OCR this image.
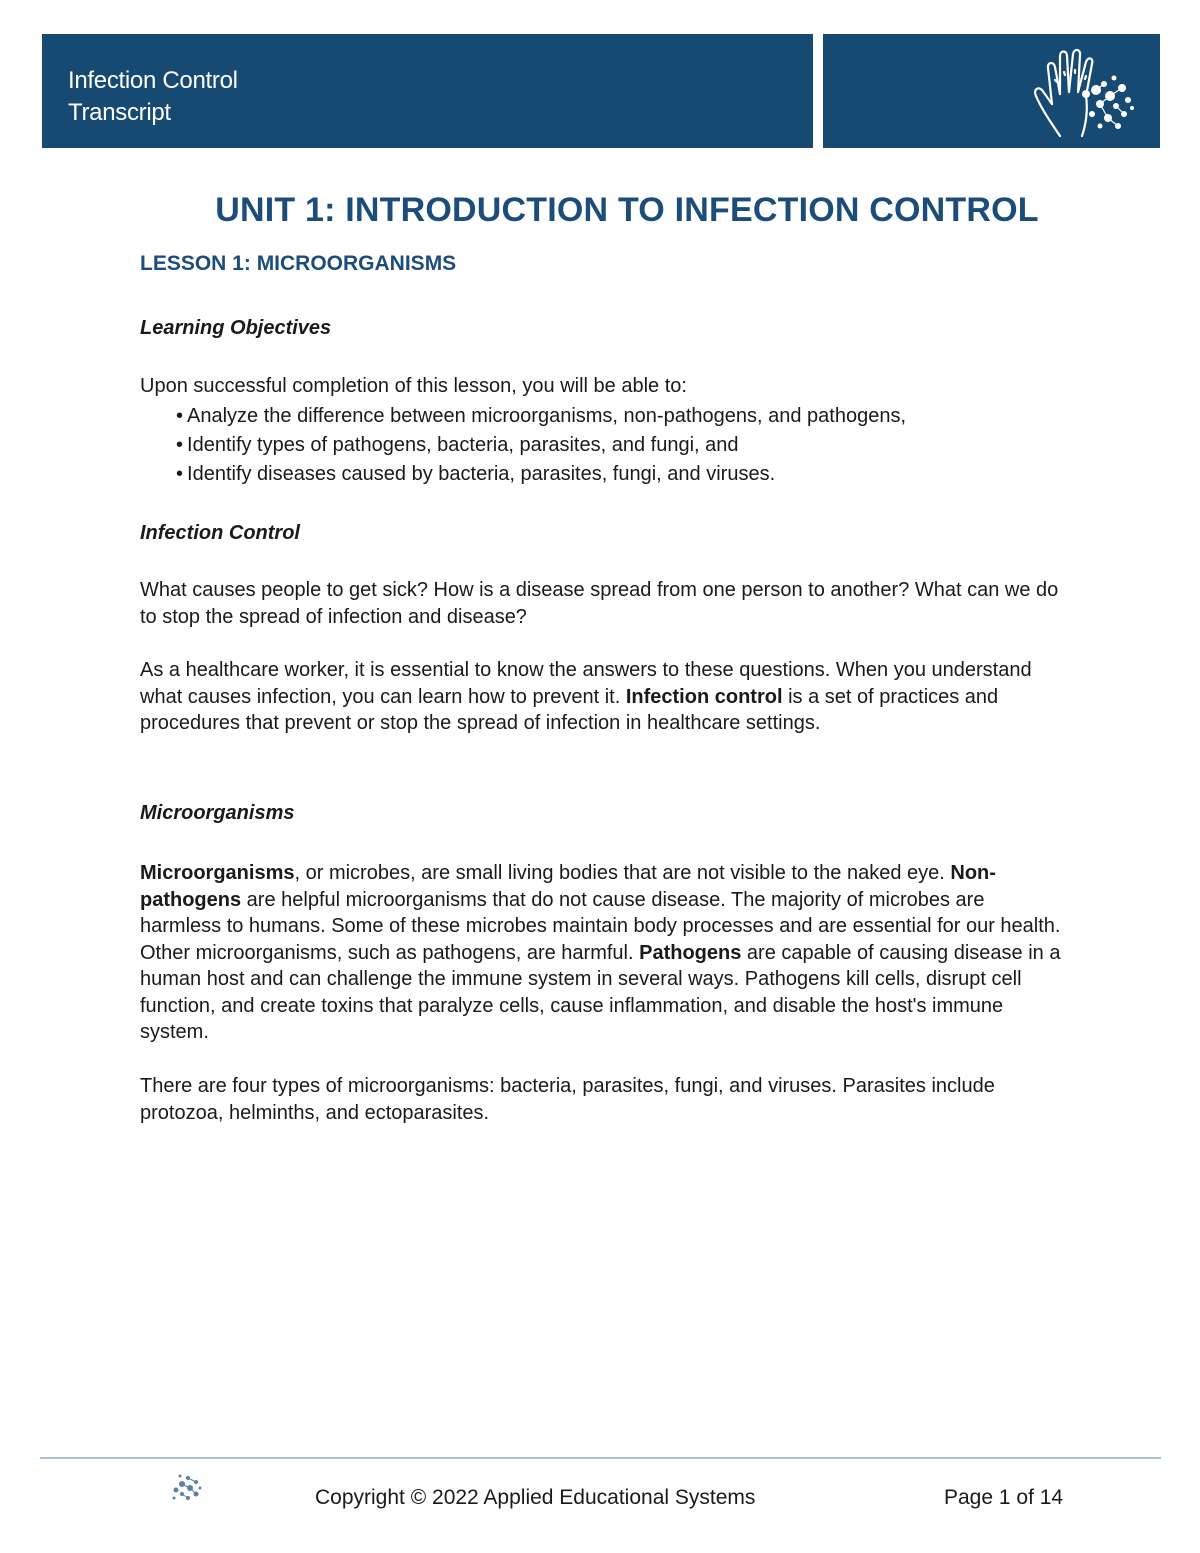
Infection Control
Transcript
UNIT 1: INTRODUCTION TO INFECTION CONTROL
LESSON 1: MICROORGANISMS
Learning Objectives
Upon successful completion of this lesson, you will be able to:
• Analyze the difference between microorganisms, non-pathogens, and pathogens,
• Identify types of pathogens, bacteria, parasites, and fungi, and
• Identify diseases caused by bacteria, parasites, fungi, and viruses.
Infection Control
What causes people to get sick? How is a disease spread from one person to another? What can we do to stop the spread of infection and disease?
As a healthcare worker, it is essential to know the answers to these questions. When you understand what causes infection, you can learn how to prevent it. Infection control is a set of practices and procedures that prevent or stop the spread of infection in healthcare settings.
Microorganisms
Microorganisms, or microbes, are small living bodies that are not visible to the naked eye. Non-pathogens are helpful microorganisms that do not cause disease. The majority of microbes are harmless to humans. Some of these microbes maintain body processes and are essential for our health. Other microorganisms, such as pathogens, are harmful. Pathogens are capable of causing disease in a human host and can challenge the immune system in several ways. Pathogens kill cells, disrupt cell function, and create toxins that paralyze cells, cause inflammation, and disable the host's immune system.
There are four types of microorganisms: bacteria, parasites, fungi, and viruses. Parasites include protozoa, helminths, and ectoparasites.
Copyright © 2022 Applied Educational Systems	Page 1 of 14
